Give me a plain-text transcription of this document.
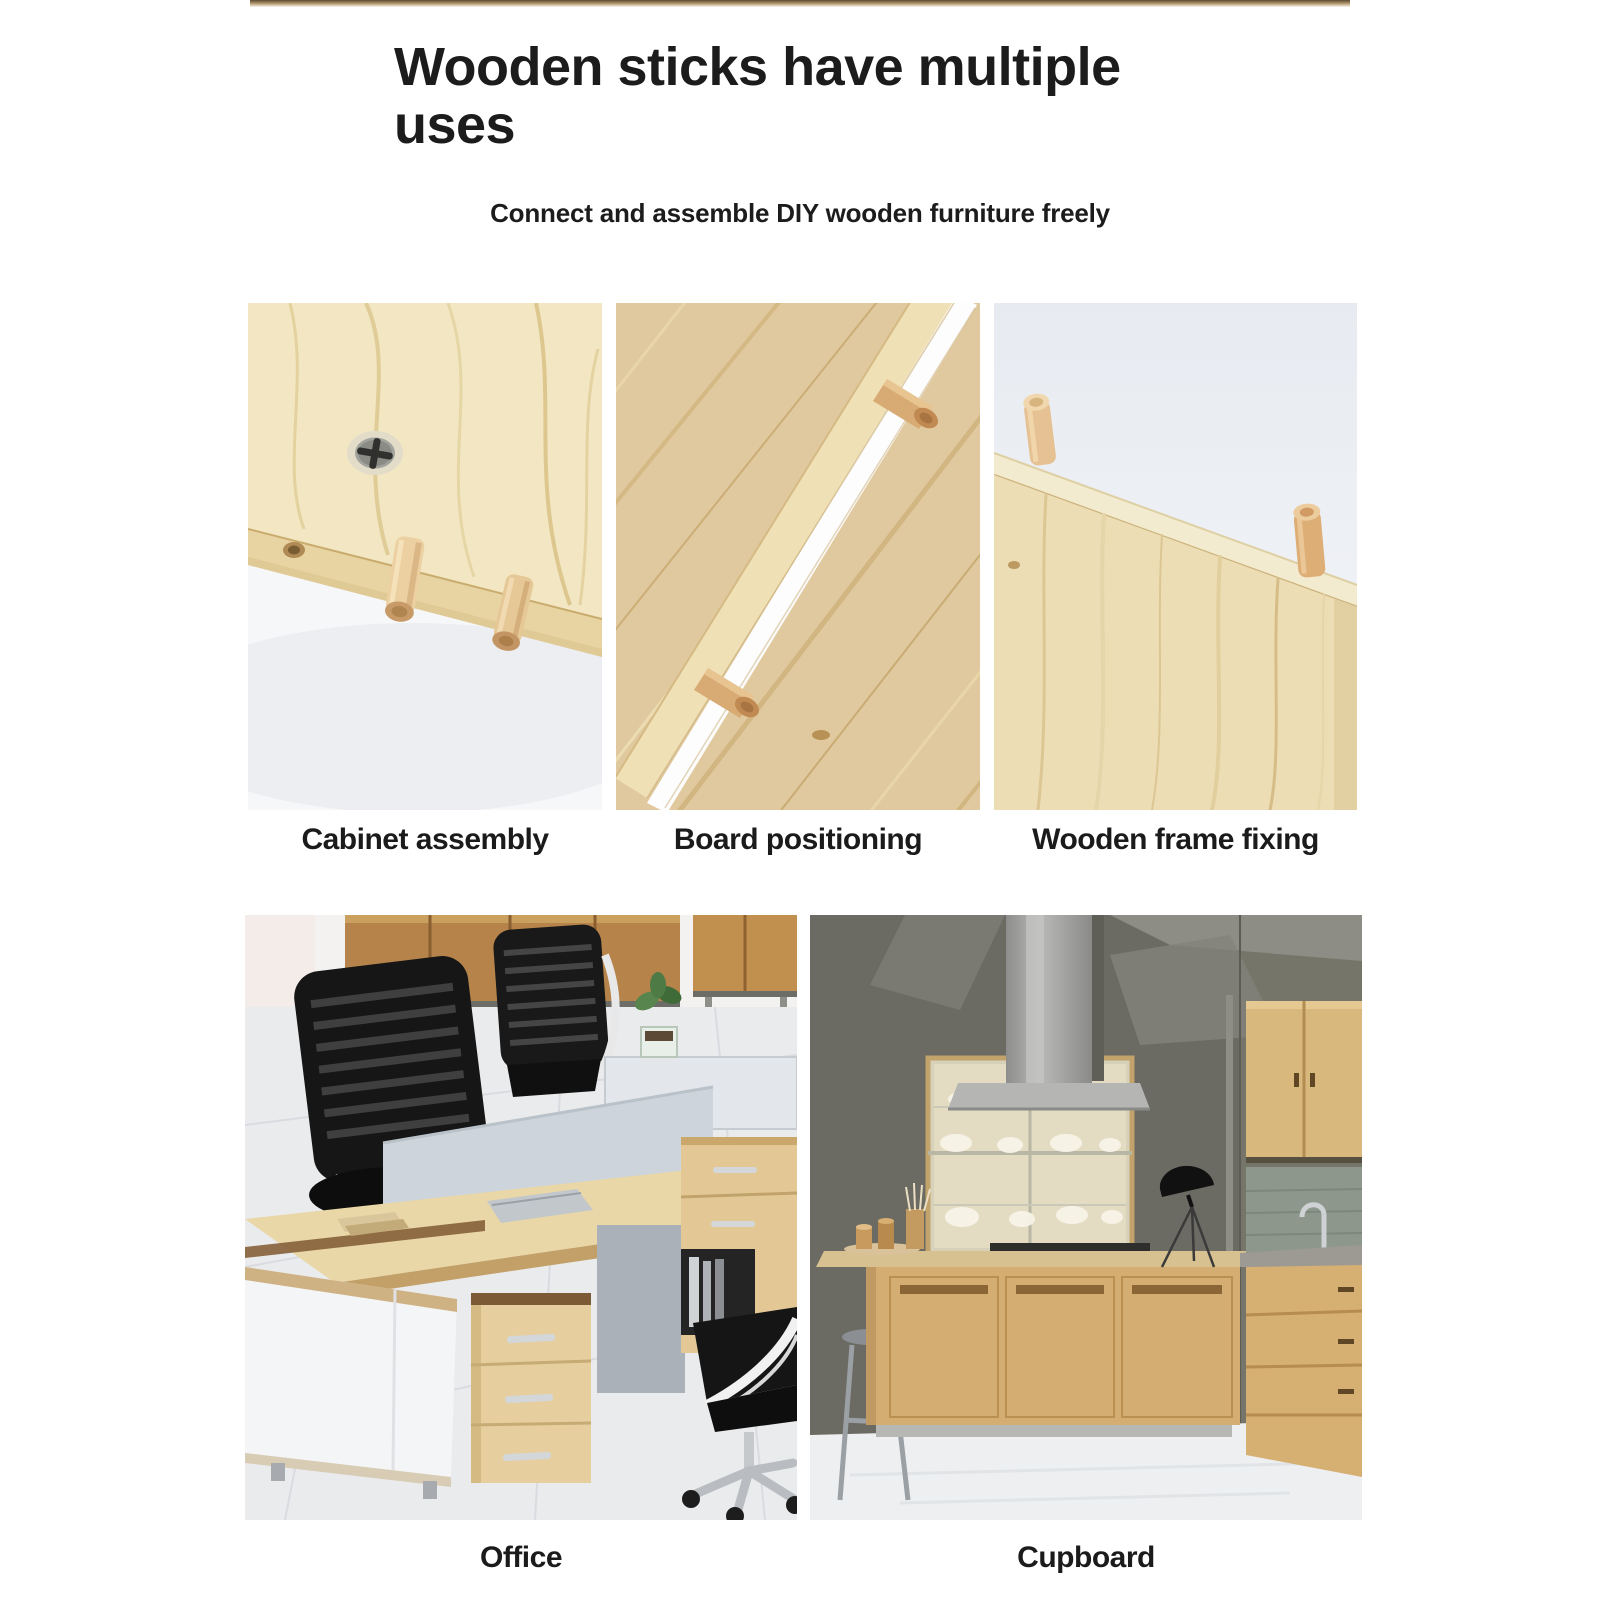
Wooden sticks have multiple uses

Connect and assemble DIY wooden furniture freely

Cabinet assembly	Board positioning	Wooden frame fixing
Office	Cupboard
